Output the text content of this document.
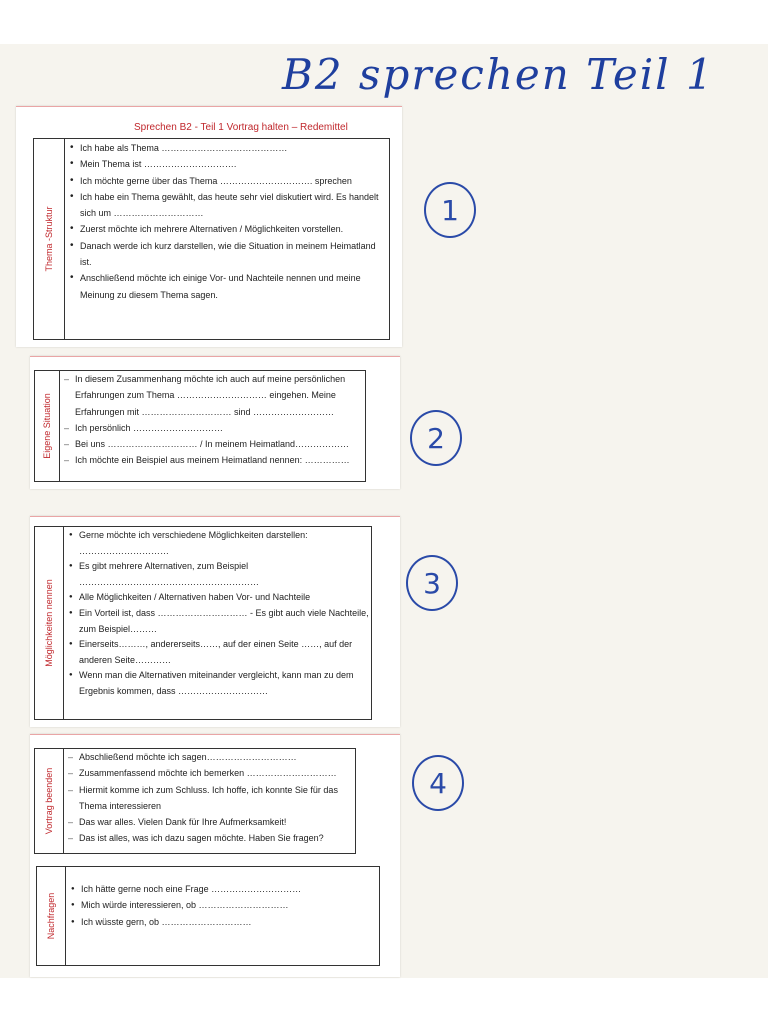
B2 sprechen Teil 1
1
2
3
4
Sprechen B2 - Teil 1 Vortrag halten – Redemittel
Thema -Struktur
• Ich habe als Thema ……………………………………
• Mein Thema ist ………………………….
• Ich möchte gerne über das Thema …………………………. sprechen
• Ich habe ein Thema gewählt, das heute sehr viel diskutiert wird. Es handelt sich um …………………………
• Zuerst möchte ich mehrere Alternativen / Möglichkeiten vorstellen.
• Danach werde ich kurz darstellen, wie die Situation in meinem Heimatland ist.
• Anschließend möchte ich einige Vor- und Nachteile nennen und meine Meinung zu diesem Thema sagen.
Eigene Situation
– In diesem Zusammenhang möchte ich auch auf meine persönlichen Erfahrungen zum Thema ………………………… eingehen. Meine Erfahrungen mit ………………………… sind ………………………
– Ich persönlich …………………………
– Bei uns ………………………… / In meinem Heimatland………………
– Ich möchte ein Beispiel aus meinem Heimatland nennen: ……………
Möglichkeiten nennen
● Gerne möchte ich verschiedene Möglichkeiten darstellen: …………………………
● Es gibt mehrere Alternativen, zum Beispiel ……………………………………………………
● Alle Möglichkeiten / Alternativen haben Vor- und Nachteile
● Ein Vorteil ist, dass ………………………… - Es gibt auch viele Nachteile, zum Beispiel………
● Einerseits………, andererseits……, auf der einen Seite ……, auf der anderen Seite…………
● Wenn man die Alternativen miteinander vergleicht, kann man zu dem Ergebnis kommen, dass …………………………
Vortrag beenden
– Abschließend möchte ich sagen…………………………
– Zusammenfassend möchte ich bemerken …………………………
– Hiermit komme ich zum Schluss. Ich hoffe, ich konnte Sie für das Thema interessieren
– Das war alles. Vielen Dank für Ihre Aufmerksamkeit!
– Das ist alles, was ich dazu sagen möchte. Haben Sie fragen?
Nachfragen
● Ich hätte gerne noch eine Frage …………………………
● Mich würde interessieren, ob …………………………
● Ich wüsste gern, ob …………………………
